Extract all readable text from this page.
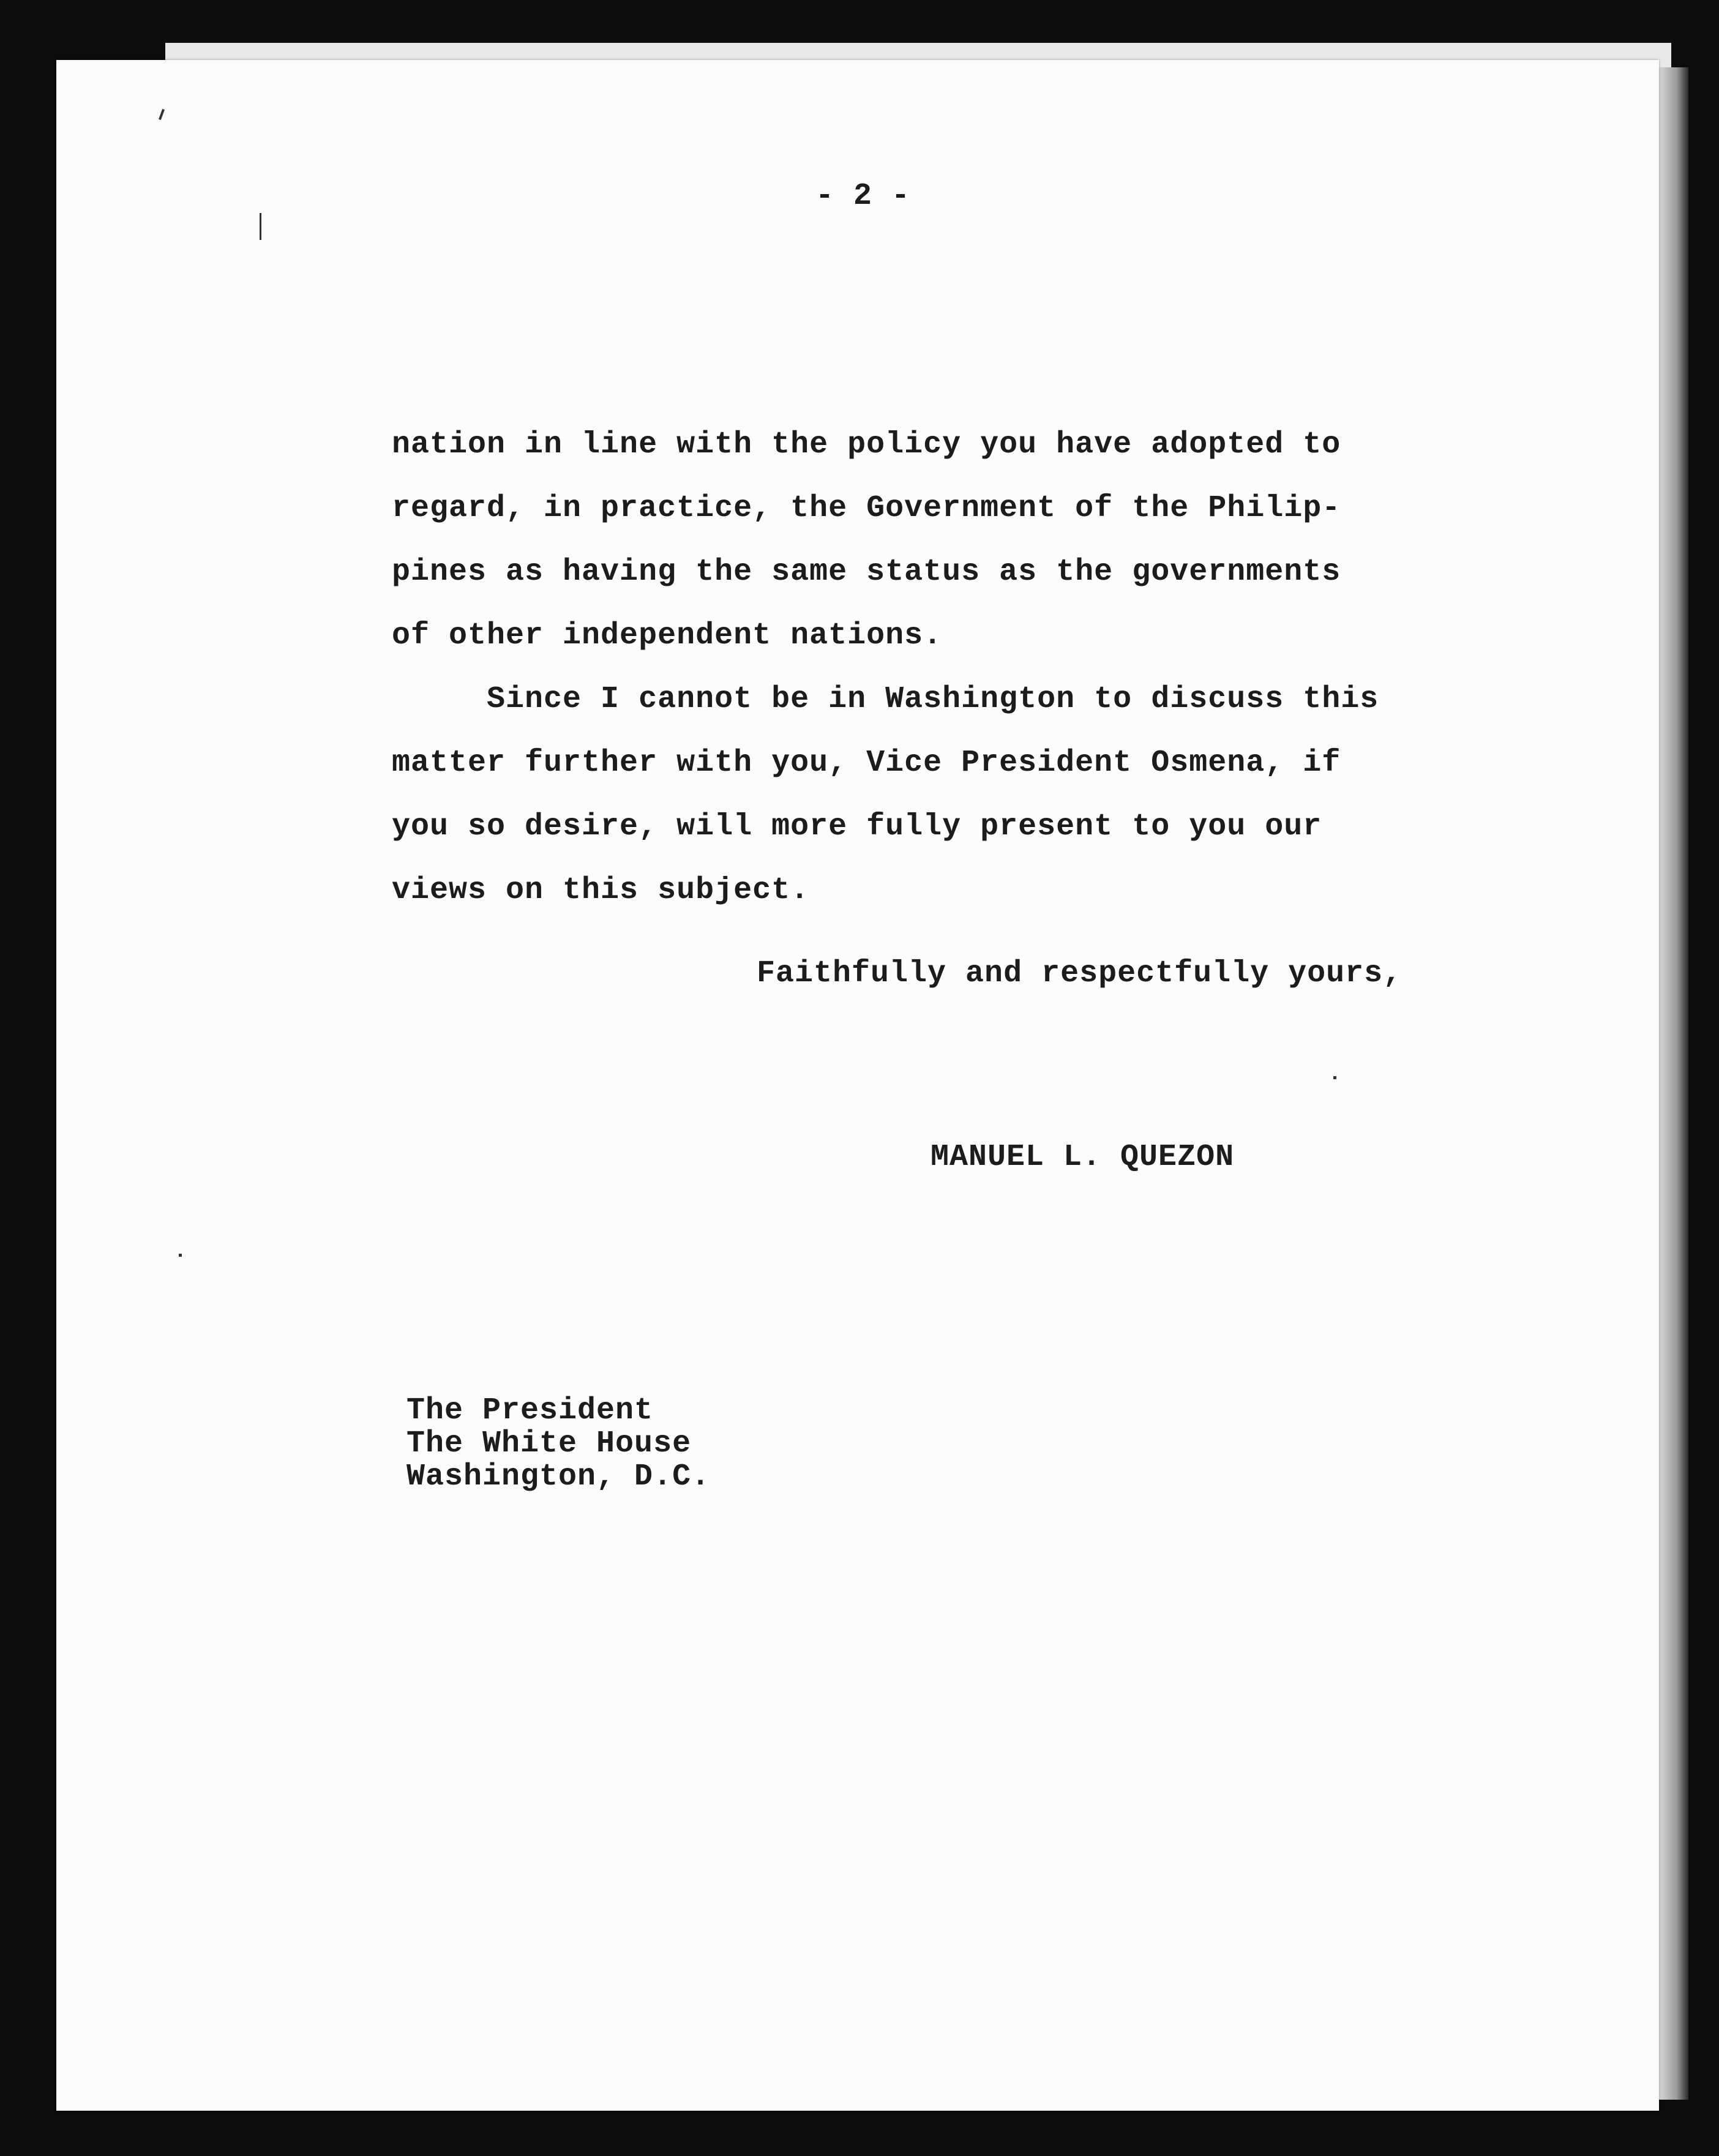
- 2 -

nation in line with the policy you have adopted to

regard, in practice, the Government of the Philip-

pines as having the same status as the governments

of other independent nations.

Since I cannot be in Washington to discuss this

matter further with you, Vice President Osmena, if

you so desire, will more fully present to you our

views on this subject.

Faithfully and respectfully yours,

MANUEL L. QUEZON

The President

The White House

Washington, D.C.
